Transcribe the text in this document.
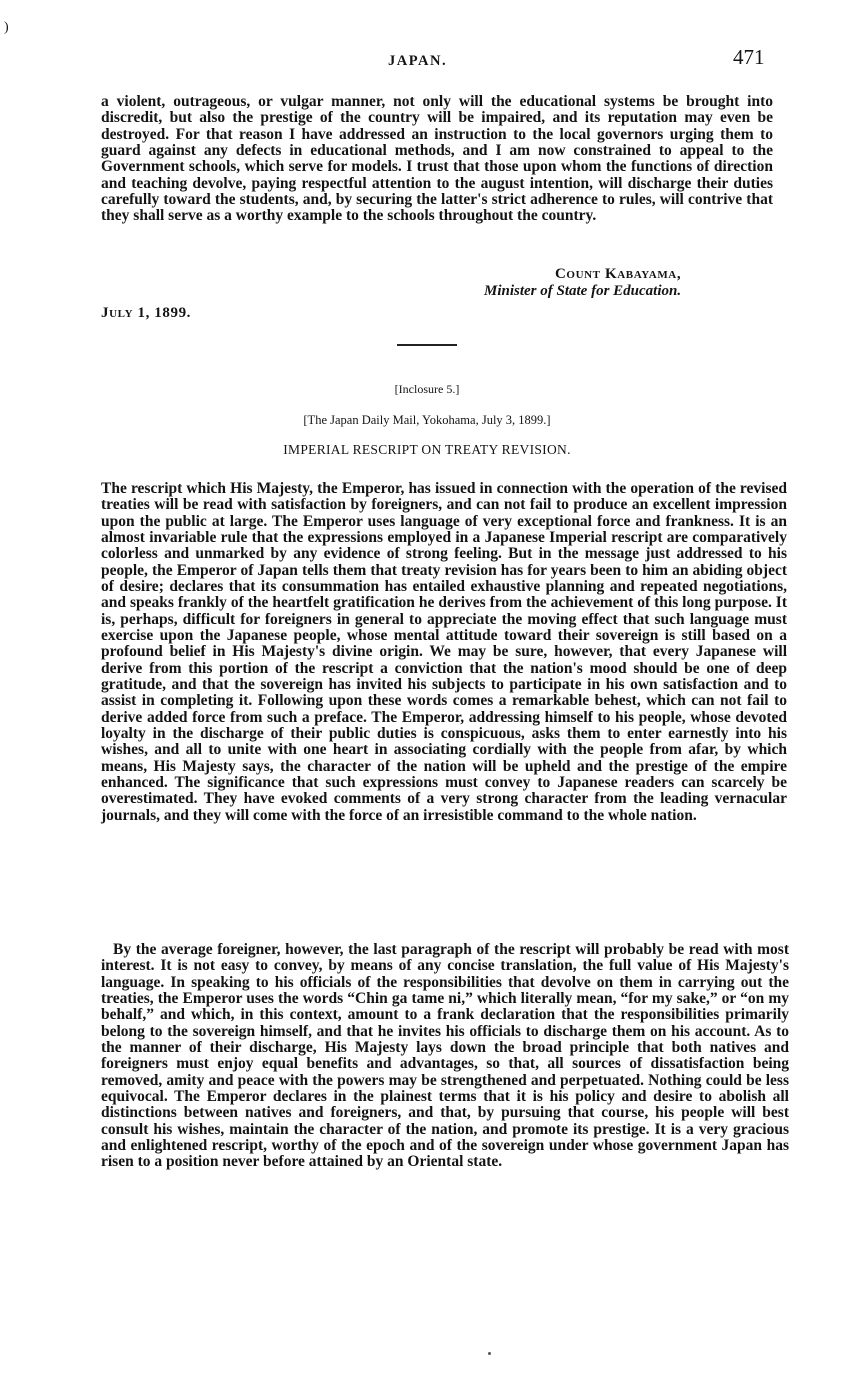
)
JAPAN.	471

a violent, outrageous, or vulgar manner, not only will the educational systems be brought into discredit, but also the prestige of the country will be impaired, and its reputation may even be destroyed. For that reason I have addressed an instruction to the local governors urging them to guard against any defects in educational methods, and I am now constrained to appeal to the Government schools, which serve for models. I trust that those upon whom the functions of direction and teaching devolve, paying respectful attention to the august intention, will discharge their duties carefully toward the students, and, by securing the latter's strict adherence to rules, will contrive that they shall serve as a worthy example to the schools throughout the country.

Count Kabayama,
Minister of State for Education.
July 1, 1899.
[Inclosure 5.]
[The Japan Daily Mail, Yokohama, July 3, 1899.]
IMPERIAL RESCRIPT ON TREATY REVISION.

The rescript which His Majesty, the Emperor, has issued in connection with the operation of the revised treaties will be read with satisfaction by foreigners, and can not fail to produce an excellent impression upon the public at large. The Emperor uses language of very exceptional force and frankness. It is an almost invariable rule that the expressions employed in a Japanese Imperial rescript are comparatively colorless and unmarked by any evidence of strong feeling. But in the message just addressed to his people, the Emperor of Japan tells them that treaty revision has for years been to him an abiding object of desire; declares that its consummation has entailed exhaustive planning and repeated negotiations, and speaks frankly of the heartfelt gratification he derives from the achievement of this long purpose. It is, perhaps, difficult for foreigners in general to appreciate the moving effect that such language must exercise upon the Japanese people, whose mental attitude toward their sovereign is still based on a profound belief in His Majesty's divine origin. We may be sure, however, that every Japanese will derive from this portion of the rescript a conviction that the nation's mood should be one of deep gratitude, and that the sovereign has invited his subjects to participate in his own satisfaction and to assist in completing it. Following upon these words comes a remarkable behest, which can not fail to derive added force from such a preface. The Emperor, addressing himself to his people, whose devoted loyalty in the discharge of their public duties is conspicuous, asks them to enter earnestly into his wishes, and all to unite with one heart in associating cordially with the people from afar, by which means, His Majesty says, the character of the nation will be upheld and the prestige of the empire enhanced. The significance that such expressions must convey to Japanese readers can scarcely be overestimated. They have evoked comments of a very strong character from the leading vernacular journals, and they will come with the force of an irresistible command to the whole nation.

By the average foreigner, however, the last paragraph of the rescript will probably be read with most interest. It is not easy to convey, by means of any concise translation, the full value of His Majesty's language. In speaking to his officials of the responsibilities that devolve on them in carrying out the treaties, the Emperor uses the words “Chin ga tame ni,” which literally mean, “for my sake,” or “on my behalf,” and which, in this context, amount to a frank declaration that the responsibilities primarily belong to the sovereign himself, and that he invites his officials to discharge them on his account. As to the manner of their discharge, His Majesty lays down the broad principle that both natives and foreigners must enjoy equal benefits and advantages, so that, all sources of dissatisfaction being removed, amity and peace with the powers may be strengthened and perpetuated. Nothing could be less equivocal. The Emperor declares in the plainest terms that it is his policy and desire to abolish all distinctions between natives and foreigners, and that, by pursuing that course, his people will best consult his wishes, maintain the character of the nation, and promote its prestige. It is a very gracious and enlightened rescript, worthy of the epoch and of the sovereign under whose government Japan has risen to a position never before attained by an Oriental state.
